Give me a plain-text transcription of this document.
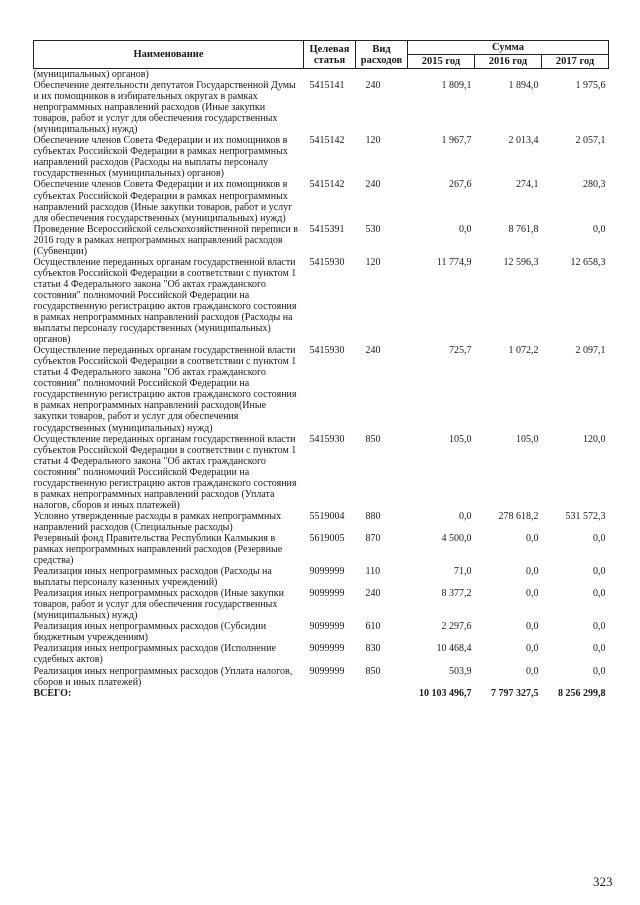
Наименование	Целевая статья	Вид расходов	Сумма		
			2015 год	2016 год	2017 год
(муниципальных) органов)					
Обеспечение деятельности депутатов Государственной Думы и их помощников в избирательных округах в рамках непрограммных направлений расходов (Иные закупки товаров, работ и услуг для обеспечения государственных (муниципальных) нужд)	5415141	240	1 809,1	1 894,0	1 975,6
Обеспечение членов Совета Федерации и их помощников в субъектах Российской Федерации в рамках непрограммных направлений расходов (Расходы на выплаты персоналу государственных (муниципальных) органов)	5415142	120	1 967,7	2 013,4	2 057,1
Обеспечение членов Совета Федерации и их помощников в субъектах Российской Федерации в рамках непрограммных направлений расходов (Иные закупки товаров, работ и услуг для обеспечения государственных (муниципальных) нужд)	5415142	240	267,6	274,1	280,3
Проведение Всероссийской сельскохозяйственной переписи в 2016 году в рамках непрограммных направлений расходов (Субвенции)	5415391	530	0,0	8 761,8	0,0
Осуществление переданных органам государственной власти субъектов Российской Федерации в соответствии с пунктом 1 статьи 4 Федерального закона "Об актах гражданского состояния" полномочий Российской Федерации на государственную регистрацию актов гражданского состояния в рамках непрограммных направлений расходов (Расходы на выплаты персоналу государственных (муниципальных) органов)	5415930	120	11 774,9	12 596,3	12 658,3
Осуществление переданных органам государственной власти субъектов Российской Федерации в соответствии с пунктом 1 статьи 4 Федерального закона "Об актах гражданского состояния" полномочий Российской Федерации на государственную регистрацию актов гражданского состояния в рамках непрограммных направлений расходов(Иные закупки товаров, работ и услуг для обеспечения государственных (муниципальных) нужд)	5415930	240	725,7	1 072,2	2 097,1
Осуществление переданных органам государственной власти субъектов Российской Федерации в соответствии с пунктом 1 статьи 4 Федерального закона "Об актах гражданского состояния" полномочий Российской Федерации на государственную регистрацию актов гражданского состояния в рамках непрограммных направлений расходов (Уплата налогов, сборов и иных платежей)	5415930	850	105,0	105,0	120,0
Условно утвержденные расходы в рамках непрограммных направлений расходов (Специальные расходы)	5519004	880	0,0	278 618,2	531 572,3
Резервный фонд Правительства Республики Калмыкия в рамках непрограммных направлений расходов (Резервные средства)	5619005	870	4 500,0	0,0	0,0
Реализация иных непрограммных расходов (Расходы на выплаты персоналу казенных учреждений)	9099999	110	71,0	0,0	0,0
Реализация иных непрограммных расходов (Иные закупки товаров, работ и услуг для обеспечения государственных (муниципальных) нужд)	9099999	240	8 377,2	0,0	0,0
Реализация иных непрограммных расходов (Субсидии бюджетным учреждениям)	9099999	610	2 297,6	0,0	0,0
Реализация иных непрограммных расходов (Исполнение судебных актов)	9099999	830	10 468,4	0,0	0,0
Реализация иных непрограммных расходов (Уплата налогов, сборов и иных платежей)	9099999	850	503,9	0,0	0,0
ВСЕГО:			10 103 496,7	7 797 327,5	8 256 299,8
323
